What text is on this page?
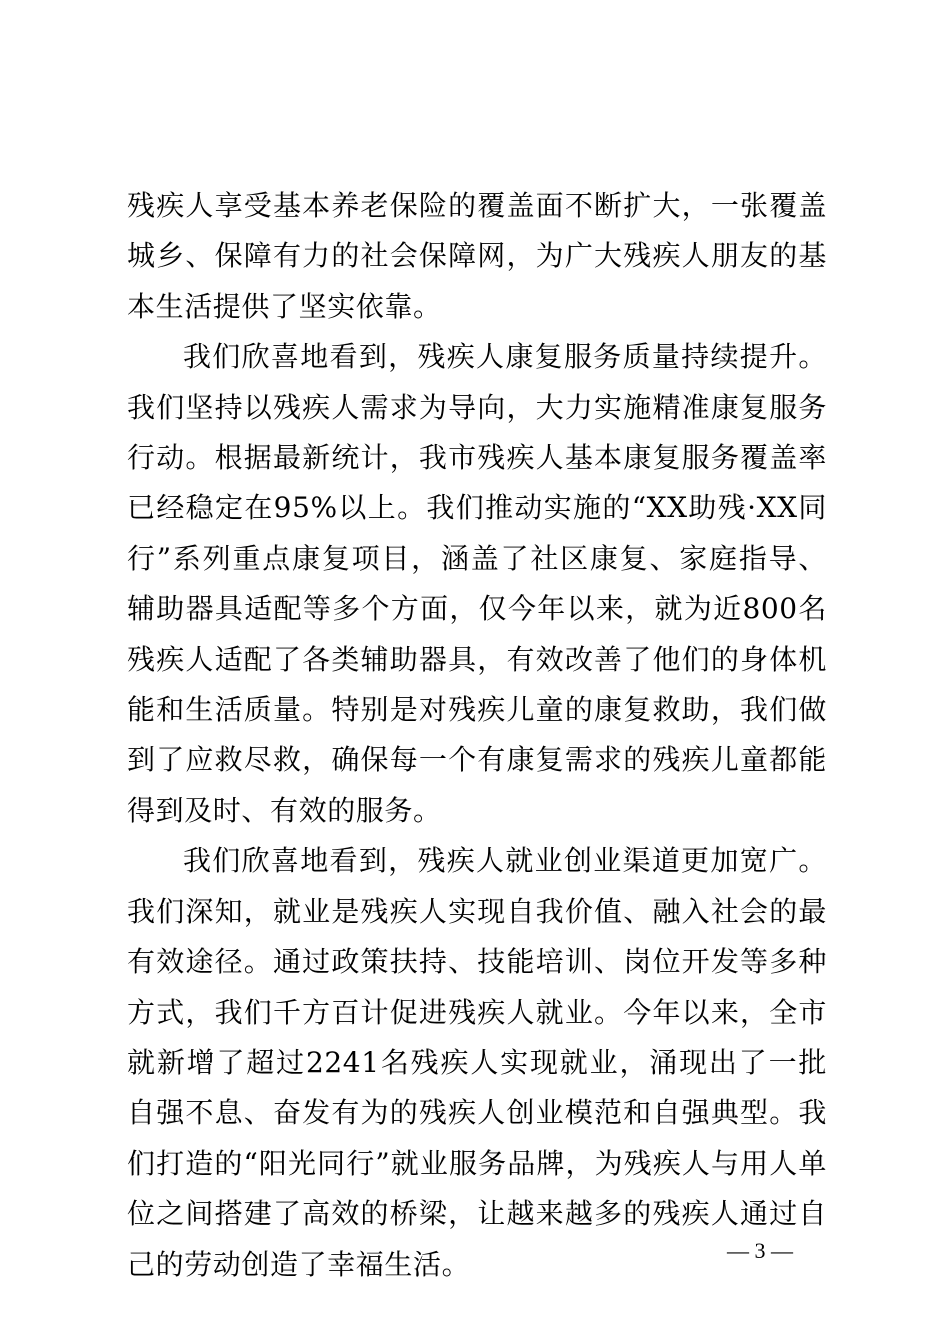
残疾人享受基本养老保险的覆盖面不断扩大，一张覆盖城乡、保障有力的社会保障网，为广大残疾人朋友的基本生活提供了坚实依靠。

我们欣喜地看到，残疾人康复服务质量持续提升。我们坚持以残疾人需求为导向，大力实施精准康复服务行动。根据最新统计，我市残疾人基本康复服务覆盖率已经稳定在95%以上。我们推动实施的“XX助残·XX同行”系列重点康复项目，涵盖了社区康复、家庭指导、辅助器具适配等多个方面，仅今年以来，就为近800名残疾人适配了各类辅助器具，有效改善了他们的身体机能和生活质量。特别是对残疾儿童的康复救助，我们做到了应救尽救，确保每一个有康复需求的残疾儿童都能得到及时、有效的服务。

我们欣喜地看到，残疾人就业创业渠道更加宽广。我们深知，就业是残疾人实现自我价值、融入社会的最有效途径。通过政策扶持、技能培训、岗位开发等多种方式，我们千方百计促进残疾人就业。今年以来，全市就新增了超过2241名残疾人实现就业，涌现出了一批自强不息、奋发有为的残疾人创业模范和自强典型。我们打造的“阳光同行”就业服务品牌，为残疾人与用人单位之间搭建了高效的桥梁，让越来越多的残疾人通过自己的劳动创造了幸福生活。	— 3 —
